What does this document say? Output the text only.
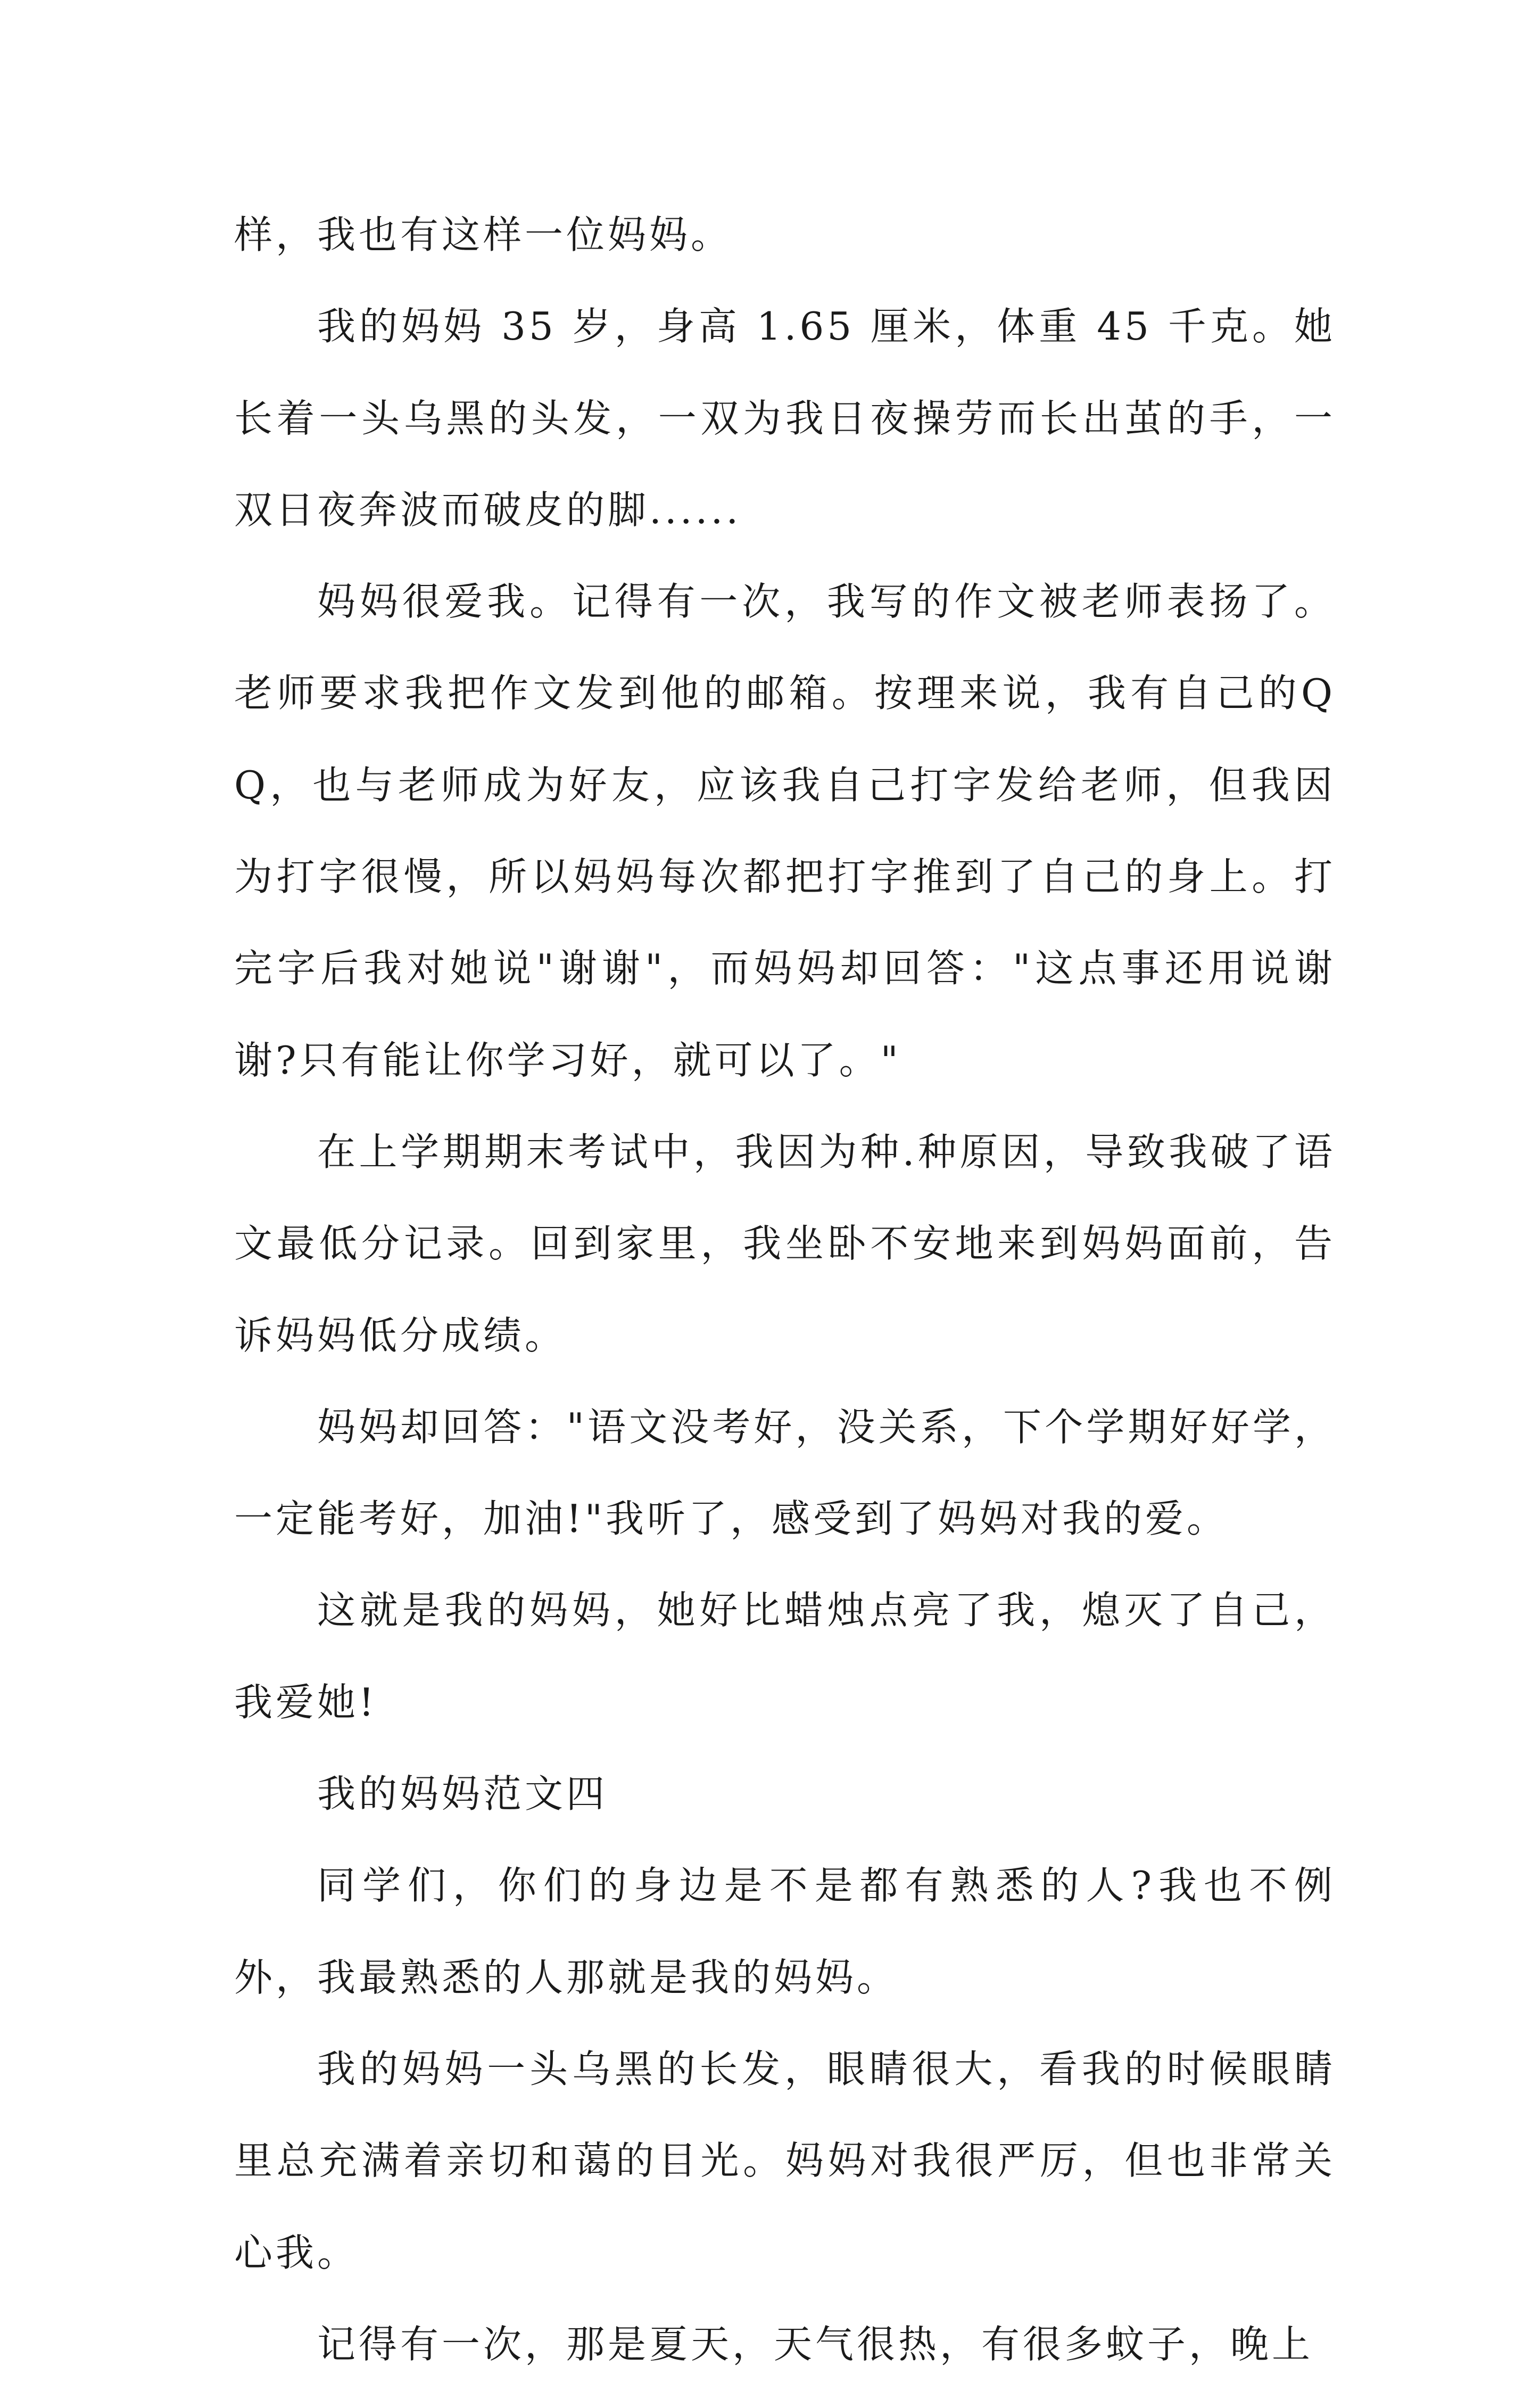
样，我也有这样一位妈妈。

我的妈妈 35 岁，身高 1.65 厘米，体重 45 千克。她长着一头乌黑的头发，一双为我日夜操劳而长出茧的手，一双日夜奔波而破皮的脚......

妈妈很爱我。记得有一次，我写的作文被老师表扬了。老师要求我把作文发到他的邮箱。按理来说，我有自己的QQ，也与老师成为好友，应该我自己打字发给老师，但我因为打字很慢，所以妈妈每次都把打字推到了自己的身上。打完字后我对她说"谢谢"，而妈妈却回答："这点事还用说谢谢?只有能让你学习好，就可以了。"

在上学期期末考试中，我因为种.种原因，导致我破了语文最低分记录。回到家里，我坐卧不安地来到妈妈面前，告诉妈妈低分成绩。

妈妈却回答："语文没考好，没关系，下个学期好好学，一定能考好，加油!"我听了，感受到了妈妈对我的爱。

这就是我的妈妈，她好比蜡烛点亮了我，熄灭了自己，我爱她!

我的妈妈范文四

同学们，你们的身边是不是都有熟悉的人?我也不例外，我最熟悉的人那就是我的妈妈。

我的妈妈一头乌黑的长发，眼睛很大，看我的时候眼睛里总充满着亲切和蔼的目光。妈妈对我很严厉，但也非常关心我。

记得有一次，那是夏天，天气很热，有很多蚊子，晚上
